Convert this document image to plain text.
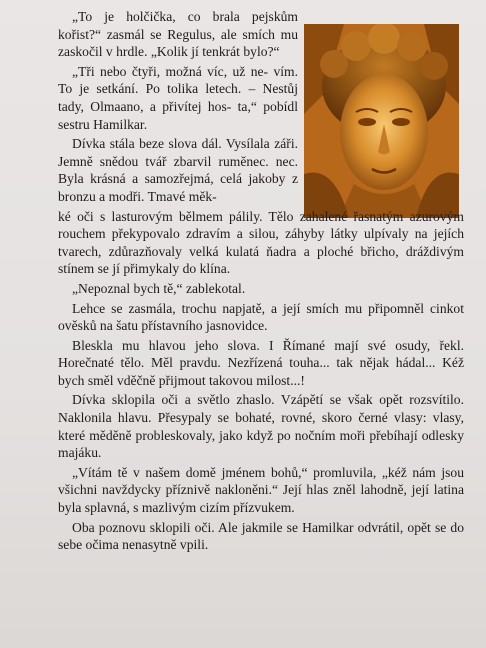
„To je holčička, co brala pejskům kořist?“ zasmál se Regulus, ale smích mu zaskočil v hrdle. „Kolik jí tenkrát bylo?“

„Tři nebo čtyři, možná víc, už ne- vím. To je setkání. Po tolika letech. – Nestůj tady, Olmaano, a přivítej hos- ta,“ pobídl sestru Hamilkar.

Dívka stála beze slova dál. Vysílala záři. Jemně snědou tvář zbarvil ruměnec. nec. Byla krásná a samozřejmá, celá jakoby z bronzu a modři. Tmavé měk-

ké oči s lasturovým bělmem pálily. Tělo zahalené řasnatým azurovým rouchem překypovalo zdravím a silou, záhyby látky ulpívaly na jejích tvarech, zdůrazňovaly velká kulatá ňadra a ploché břicho, dráždivým stínem se jí přimykaly do klína.

„Nepoznal bych tě,“ zablekotal.

Lehce se zasmála, trochu napjatě, a její smích mu připomněl cinkot ověsků na šatu přístavního jasnovidce.

Bleskla mu hlavou jeho slova. I Římané mají své osudy, řekl. Horečnaté tělo. Měl pravdu. Nezřízená touha... tak nějak hádal... Kéž bych směl vděčně přijmout takovou milost...!

Dívka sklopila oči a světlo zhaslo. Vzápětí se však opět rozsvítilo. Naklonila hlavu. Přesypaly se bohaté, rovné, skoro černé vlasy: vlasy, které měděně probleskovaly, jako když po nočním moři přebíhají odlesky majáku.

„Vítám tě v našem domě jménem bohů,“ promluvila, „kéž nám jsou všichni navždycky příznivě nakloněni.“ Její hlas zněl lahodně, její latina byla splavná, s mazlivým cizím přízvukem.

Oba poznovu sklopili oči. Ale jakmile se Hamilkar odvrátil, opět se do sebe očima nenasytně vpili.
